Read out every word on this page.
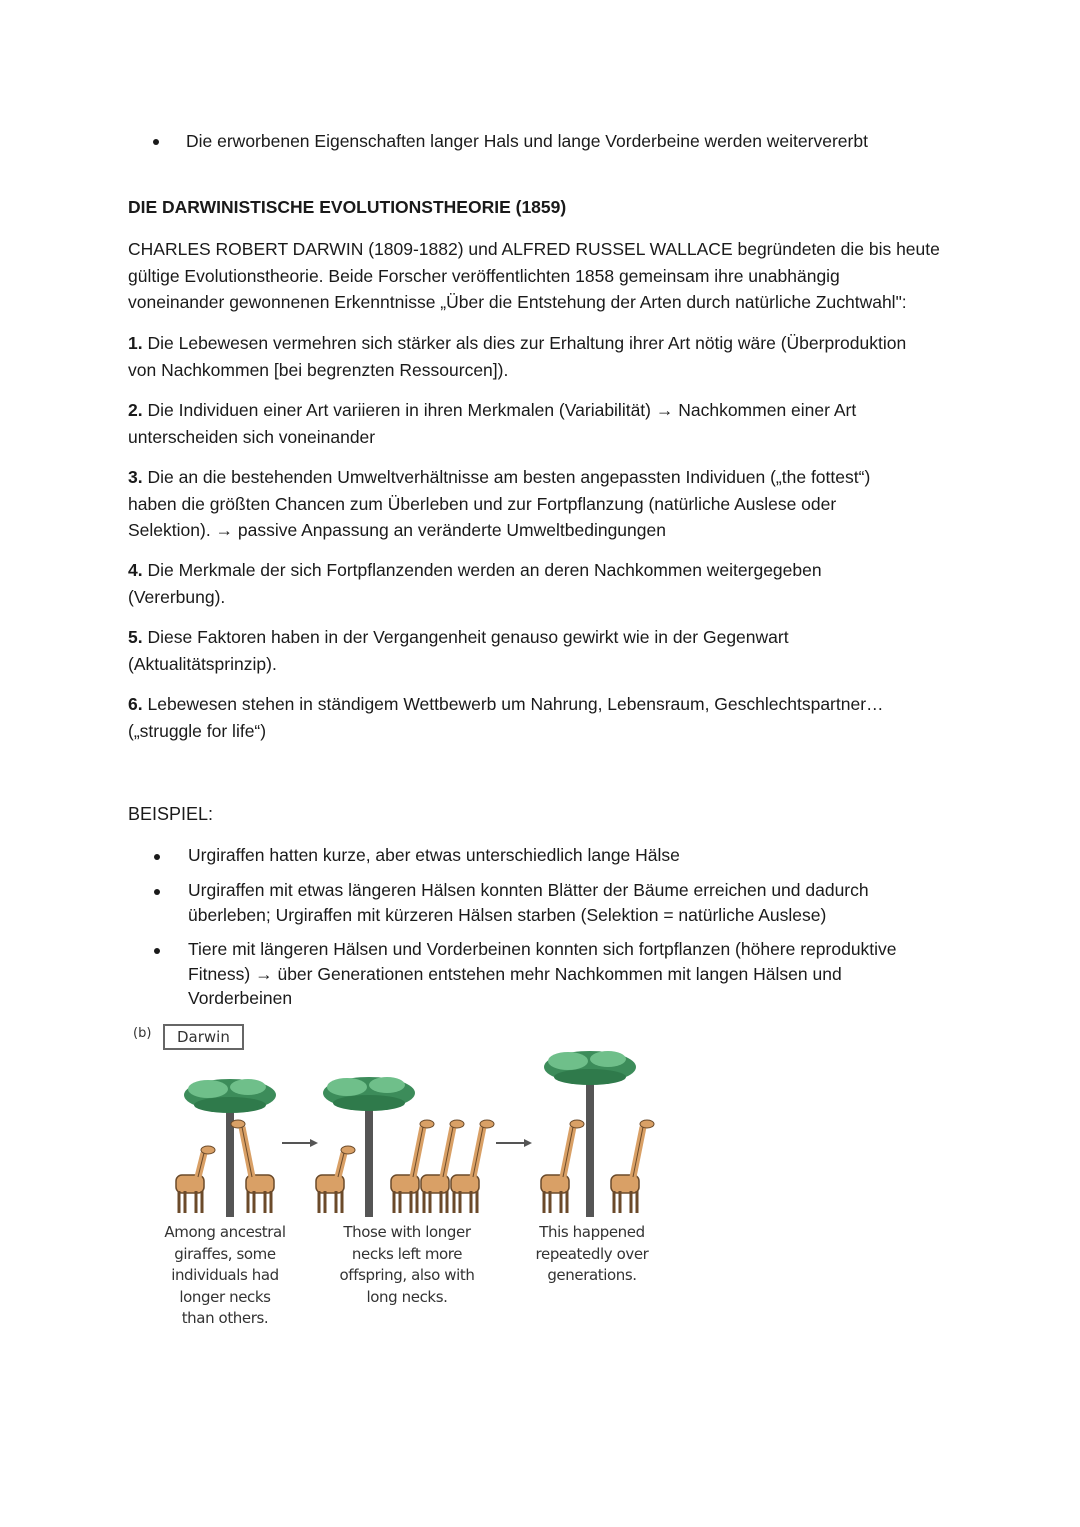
Die erworbenen Eigenschaften langer Hals und lange Vorderbeine werden weitervererbt
DIE DARWINISTISCHE EVOLUTIONSTHEORIE (1859)
CHARLES ROBERT DARWIN (1809-1882) und ALFRED RUSSEL WALLACE begründeten die bis heute
gültige Evolutionstheorie. Beide Forscher veröffentlichten 1858 gemeinsam ihre unabhängig
voneinander gewonnenen Erkenntnisse „Über die Entstehung der Arten durch natürliche Zuchtwahl":
1. Die Lebewesen vermehren sich stärker als dies zur Erhaltung ihrer Art nötig wäre (Überproduktion
von Nachkommen [bei begrenzten Ressourcen]).
2. Die Individuen einer Art variieren in ihren Merkmalen (Variabilität) → Nachkommen einer Art
unterscheiden sich voneinander
3. Die an die bestehenden Umweltverhältnisse am besten angepassten Individuen („the fottest“)
haben die größten Chancen zum Überleben und zur Fortpflanzung (natürliche Auslese oder
Selektion). → passive Anpassung an veränderte Umweltbedingungen
4. Die Merkmale der sich Fortpflanzenden werden an deren Nachkommen weitergegeben
(Vererbung).
5. Diese Faktoren haben in der Vergangenheit genauso gewirkt wie in der Gegenwart
(Aktualitätsprinzip).
6. Lebewesen stehen in ständigem Wettbewerb um Nahrung, Lebensraum, Geschlechtspartner…
(„struggle for life“)
BEISPIEL:
Urgiraffen hatten kurze, aber etwas unterschiedlich lange Hälse
Urgiraffen mit etwas längeren Hälsen konnten Blätter der Bäume erreichen und dadurch
überleben; Urgiraffen mit kürzeren Hälsen starben (Selektion = natürliche Auslese)
Tiere mit längeren Hälsen und Vorderbeinen konnten sich fortpflanzen (höhere reproduktive
Fitness) → über Generationen entstehen mehr Nachkommen mit langen Hälsen und
Vorderbeinen
(b)	Darwin
Among ancestral
giraffes, some
individuals had
longer necks
than others.
Those with longer
necks left more
offspring, also with
long necks.
This happened
repeatedly over
generations.
